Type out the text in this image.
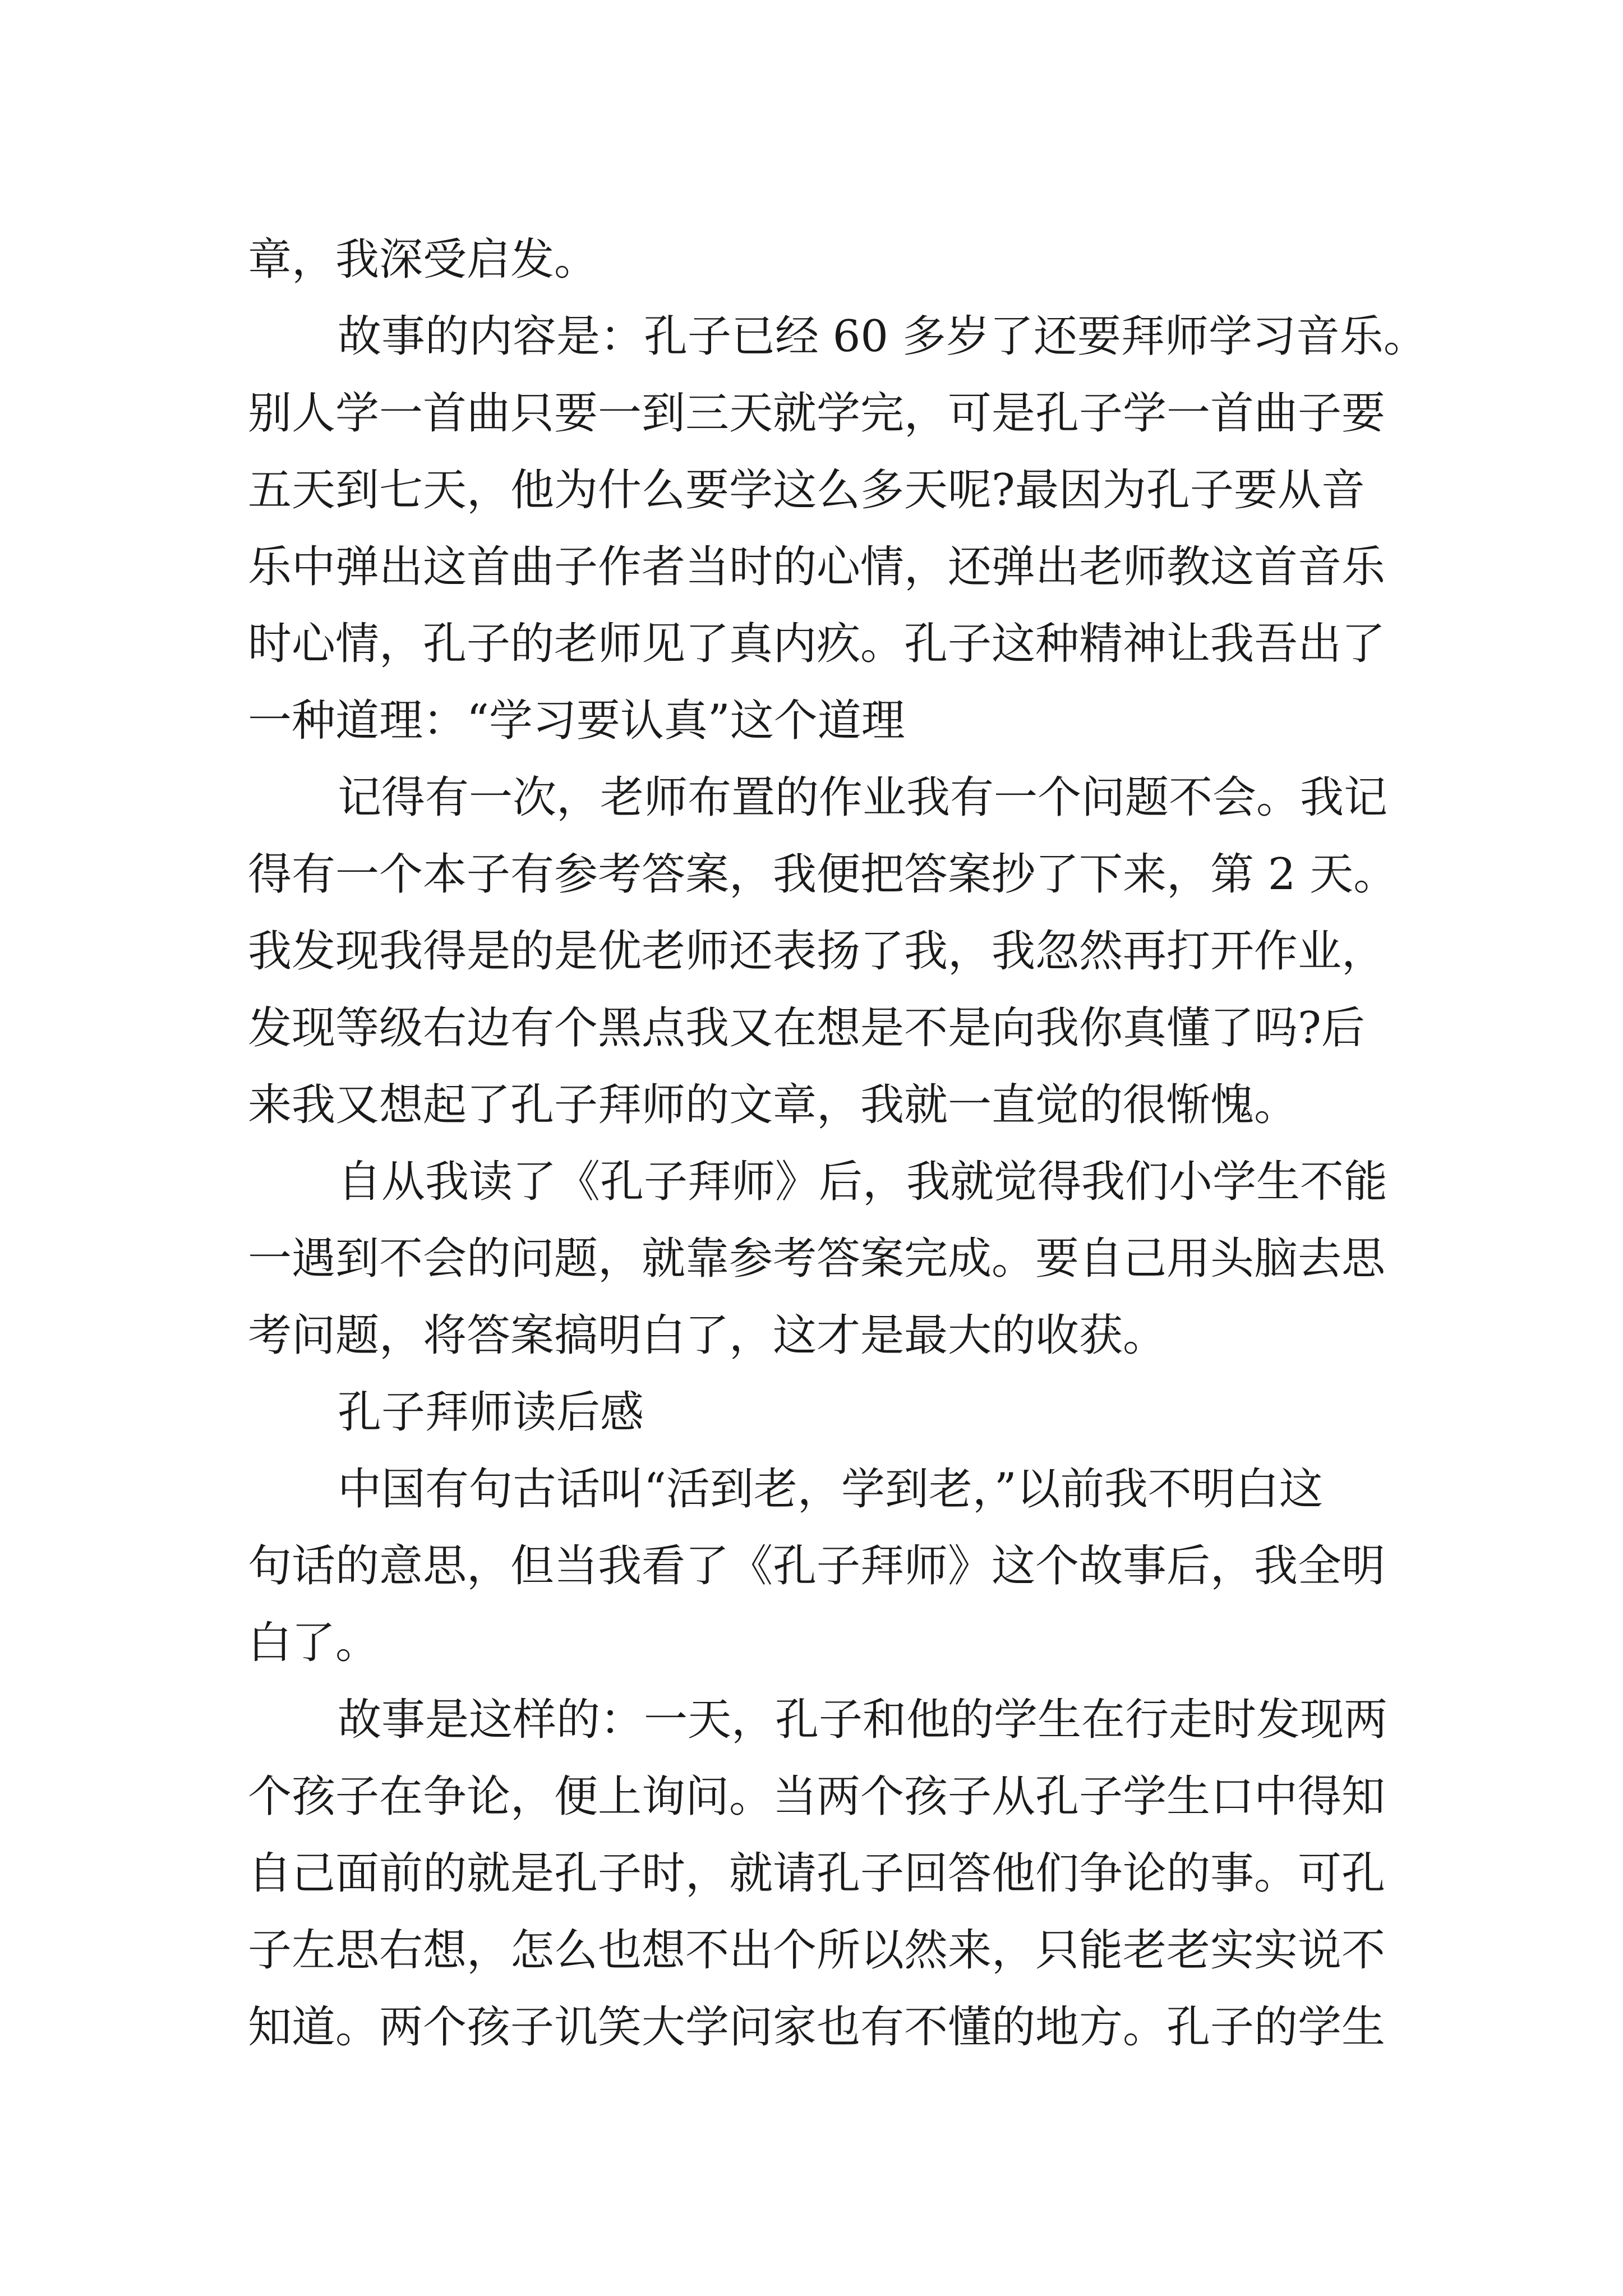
章，我深受启发。
故事的内容是：孔子已经 60 多岁了还要拜师学习音乐。
别人学一首曲只要一到三天就学完，可是孔子学一首曲子要
五天到七天，他为什么要学这么多天呢?最因为孔子要从音
乐中弹出这首曲子作者当时的心情，还弹出老师教这首音乐
时心情，孔子的老师见了真内疚。孔子这种精神让我吾出了
一种道理：“学习要认真”这个道理
记得有一次，老师布置的作业我有一个问题不会。我记
得有一个本子有参考答案，我便把答案抄了下来，第 2 天。
我发现我得是的是优老师还表扬了我，我忽然再打开作业，
发现等级右边有个黑点我又在想是不是向我你真懂了吗?后
来我又想起了孔子拜师的文章，我就一直觉的很惭愧。
自从我读了《孔子拜师》后，我就觉得我们小学生不能
一遇到不会的问题，就靠参考答案完成。要自己用头脑去思
考问题，将答案搞明白了，这才是最大的收获。
孔子拜师读后感
中国有句古话叫“活到老，学到老，”以前我不明白这
句话的意思，但当我看了《孔子拜师》这个故事后，我全明
白了。
故事是这样的：一天，孔子和他的学生在行走时发现两
个孩子在争论，便上询问。当两个孩子从孔子学生口中得知
自己面前的就是孔子时，就请孔子回答他们争论的事。可孔
子左思右想，怎么也想不出个所以然来，只能老老实实说不
知道。两个孩子讥笑大学问家也有不懂的地方。孔子的学生
